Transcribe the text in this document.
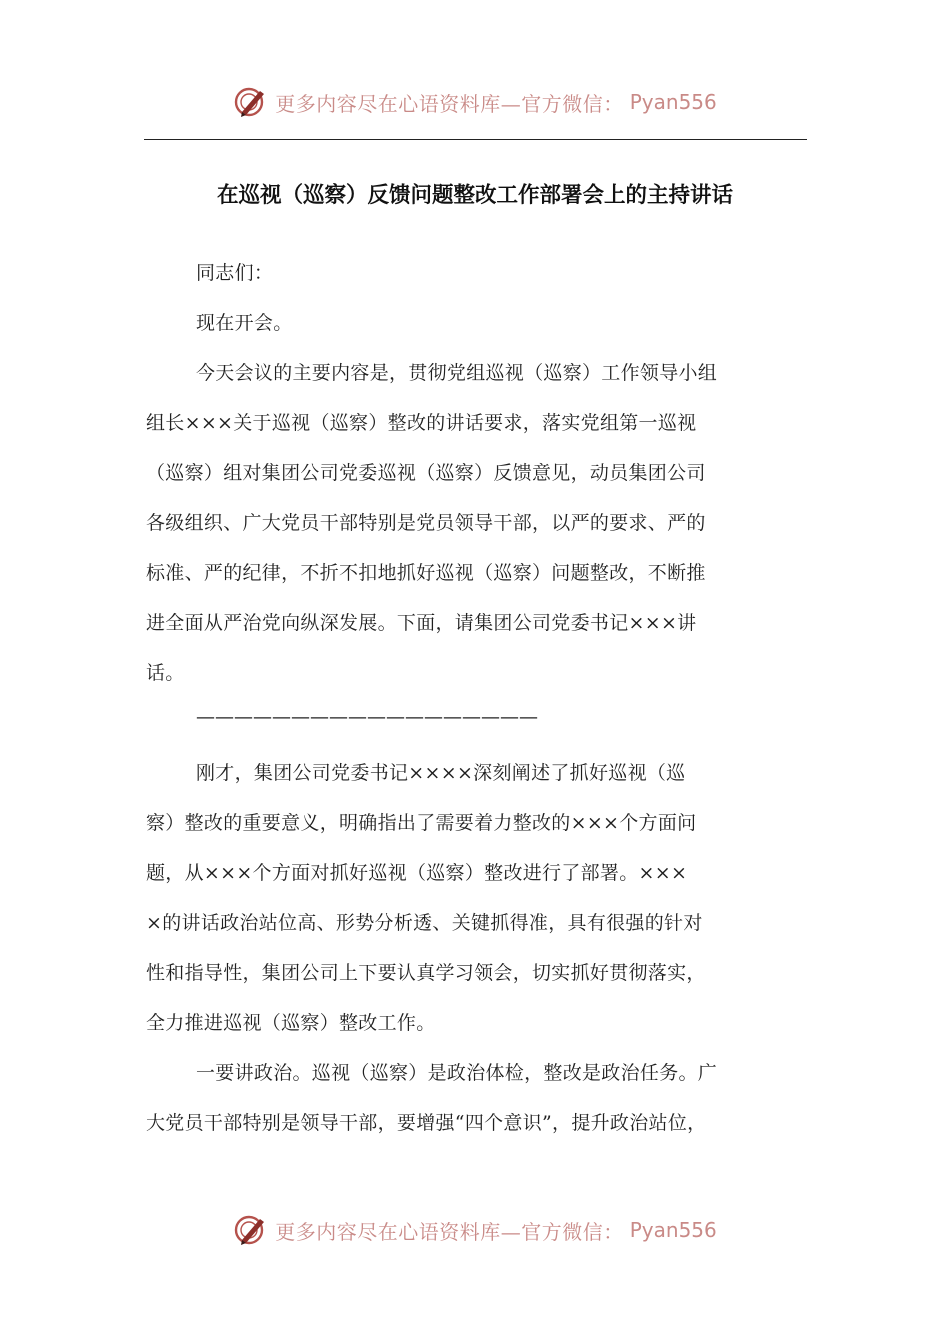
更多内容尽在心语资料库—官方微信： Pyan556
在巡视（巡察）反馈问题整改工作部署会上的主持讲话
同志们：
现在开会。
今天会议的主要内容是，贯彻党组巡视（巡察）工作领导小组
组长×××关于巡视（巡察）整改的讲话要求，落实党组第一巡视
（巡察）组对集团公司党委巡视（巡察）反馈意见，动员集团公司
各级组织、广大党员干部特别是党员领导干部，以严的要求、严的
标准、严的纪律，不折不扣地抓好巡视（巡察）问题整改，不断推
进全面从严治党向纵深发展。下面，请集团公司党委书记×××讲
话。
——————————————————
刚才，集团公司党委书记××××深刻阐述了抓好巡视（巡
察）整改的重要意义，明确指出了需要着力整改的×××个方面问
题，从×××个方面对抓好巡视（巡察）整改进行了部署。×××
×的讲话政治站位高、形势分析透、关键抓得准，具有很强的针对
性和指导性，集团公司上下要认真学习领会，切实抓好贯彻落实，
全力推进巡视（巡察）整改工作。
一要讲政治。巡视（巡察）是政治体检，整改是政治任务。广
大党员干部特别是领导干部，要增强“四个意识”，提升政治站位，
更多内容尽在心语资料库—官方微信： Pyan556
